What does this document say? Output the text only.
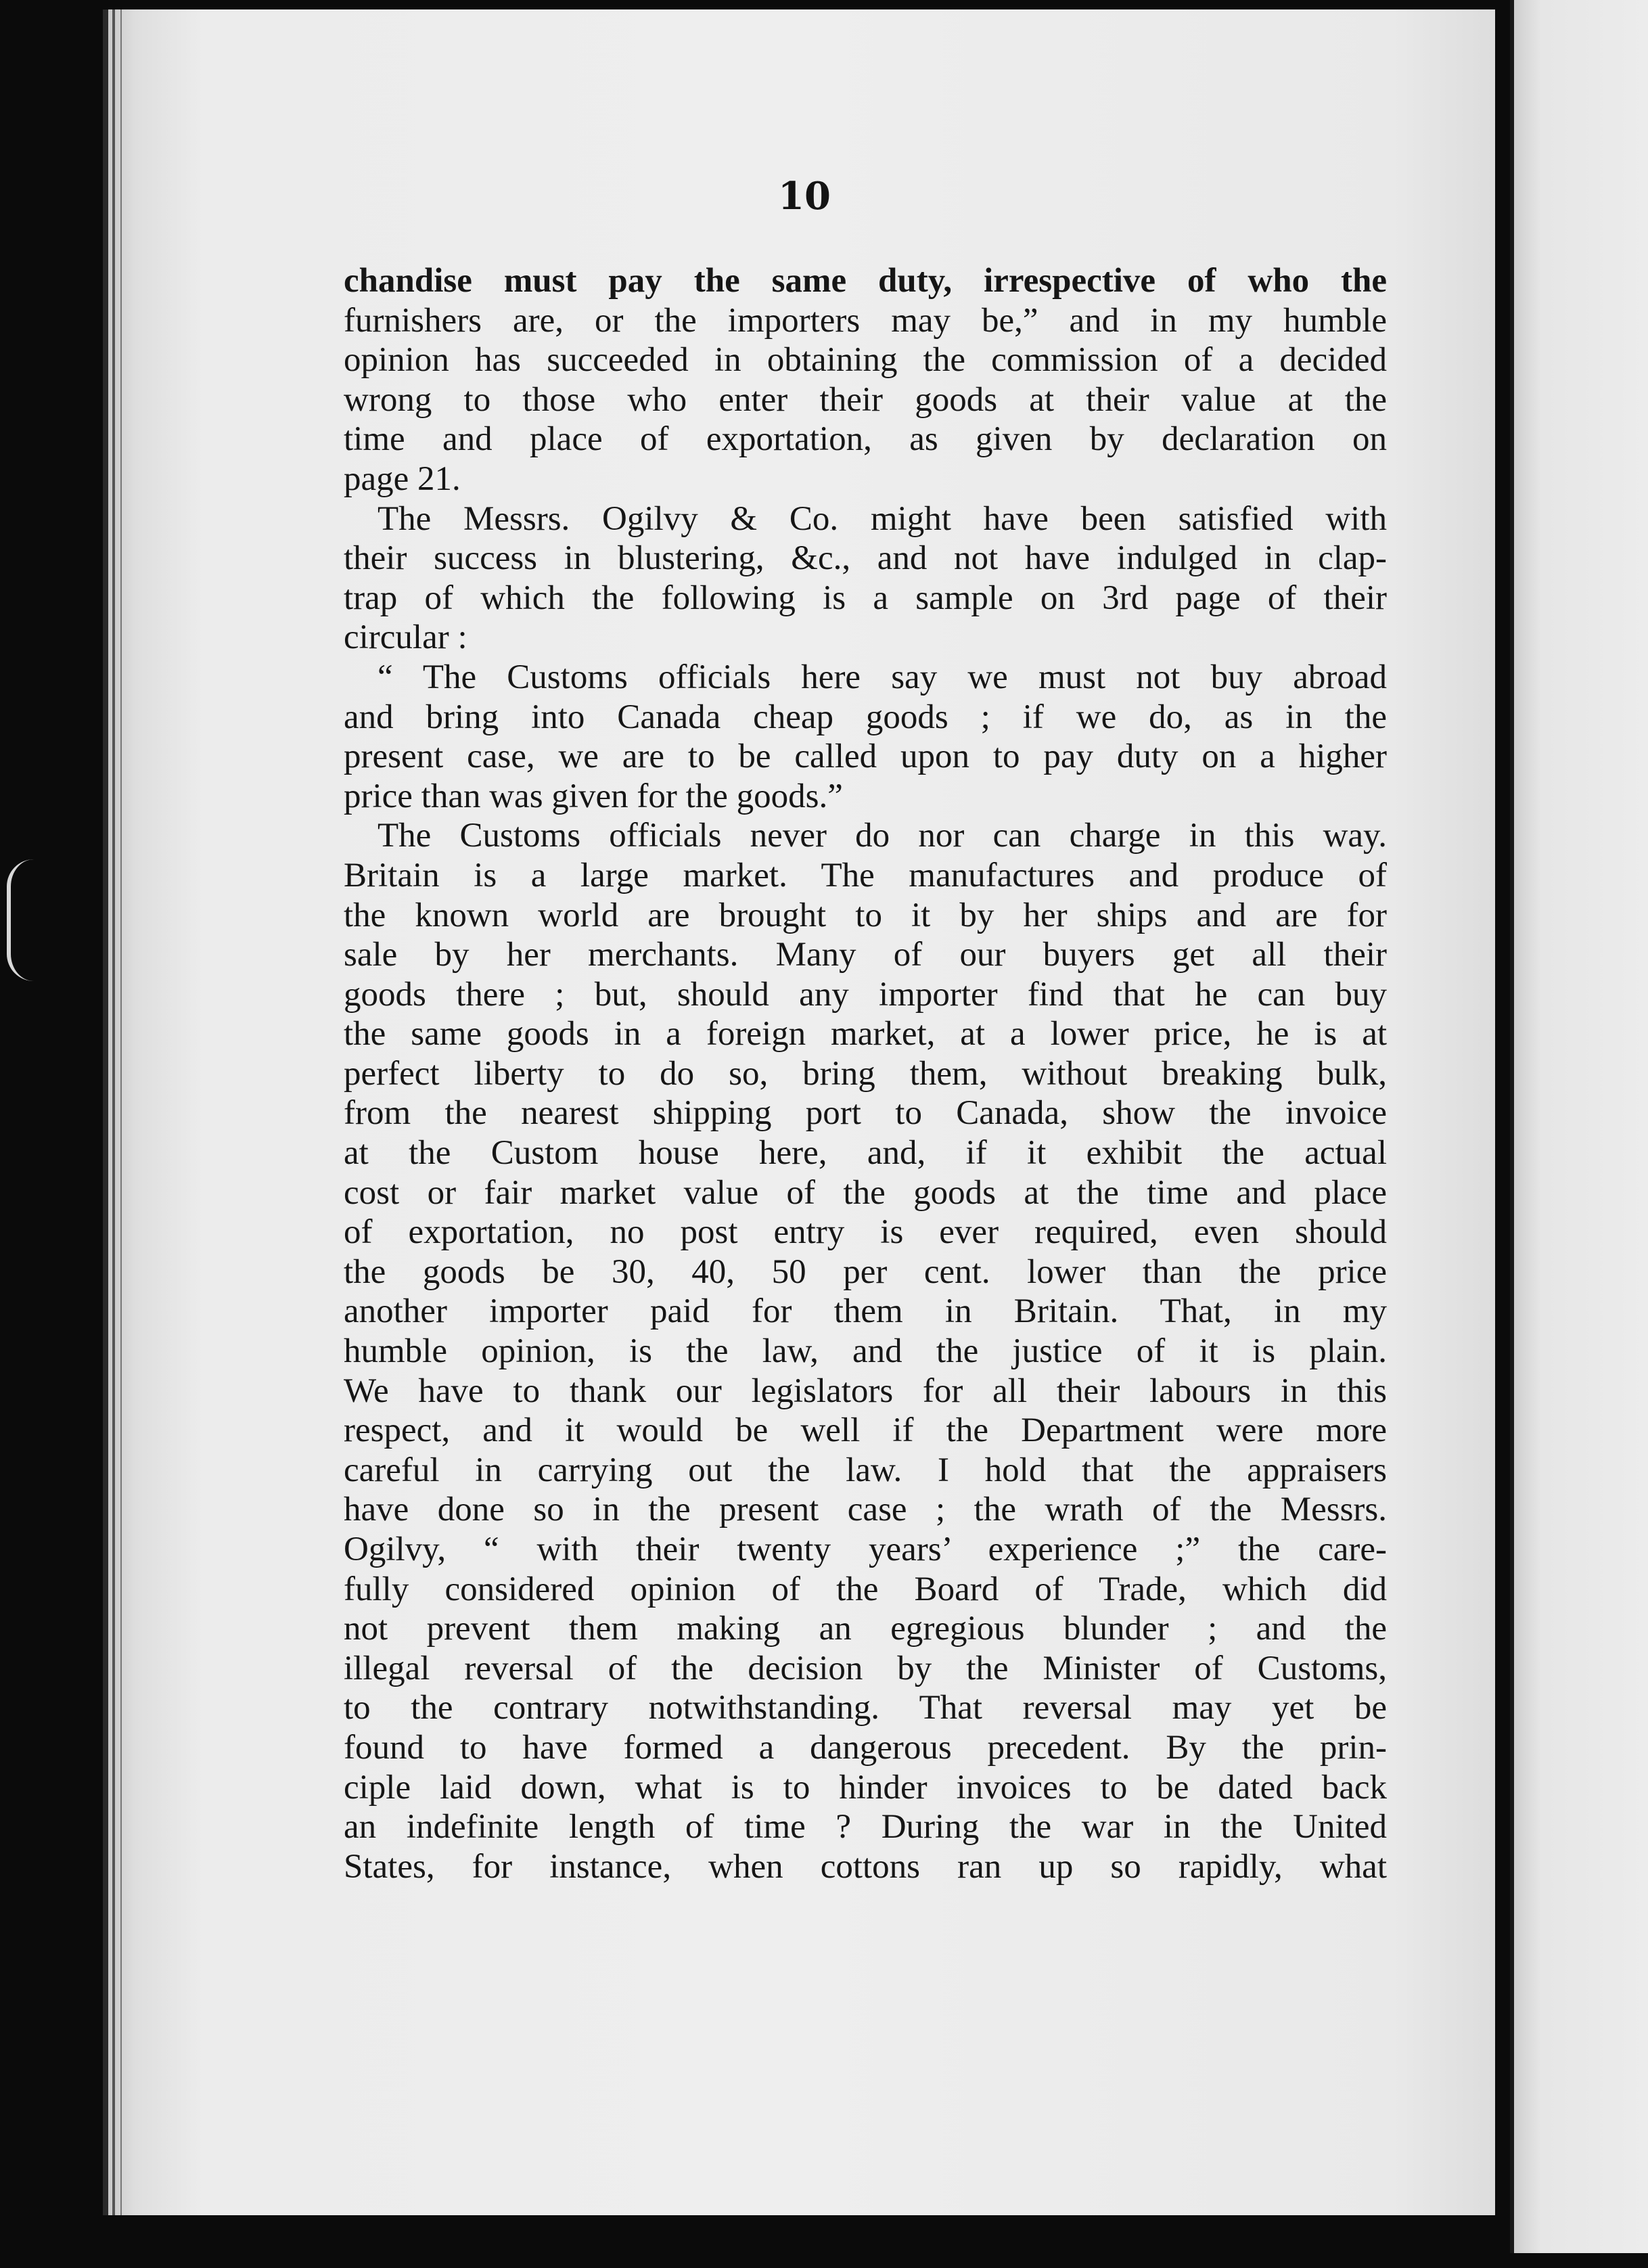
10
chandise must pay the same duty, irrespective of who the
furnishers are, or the importers may be,” and in my humble
opinion has succeeded in obtaining the commission of a decided
wrong to those who enter their goods at their value at the
time and place of exportation, as given by declaration on
page 21.
The Messrs. Ogilvy & Co. might have been satisfied with
their success in blustering, &c., and not have indulged in clap-
trap of which the following is a sample on 3rd page of their
circular :
“ The Customs officials here say we must not buy abroad
and bring into Canada cheap goods ; if we do, as in the
present case, we are to be called upon to pay duty on a higher
price than was given for the goods.”
The Customs officials never do nor can charge in this way.
Britain is a large market. The manufactures and produce of
the known world are brought to it by her ships and are for
sale by her merchants. Many of our buyers get all their
goods there ; but, should any importer find that he can buy
the same goods in a foreign market, at a lower price, he is at
perfect liberty to do so, bring them, without breaking bulk,
from the nearest shipping port to Canada, show the invoice
at the Custom house here, and, if it exhibit the actual
cost or fair market value of the goods at the time and place
of exportation, no post entry is ever required, even should
the goods be 30, 40, 50 per cent. lower than the price
another importer paid for them in Britain. That, in my
humble opinion, is the law, and the justice of it is plain.
We have to thank our legislators for all their labours in this
respect, and it would be well if the Department were more
careful in carrying out the law. I hold that the appraisers
have done so in the present case ; the wrath of the Messrs.
Ogilvy, “ with their twenty years’ experience ;” the care-
fully considered opinion of the Board of Trade, which did
not prevent them making an egregious blunder ; and the
illegal reversal of the decision by the Minister of Customs,
to the contrary notwithstanding. That reversal may yet be
found to have formed a dangerous precedent. By the prin-
ciple laid down, what is to hinder invoices to be dated back
an indefinite length of time ? During the war in the United
States, for instance, when cottons ran up so rapidly, what
